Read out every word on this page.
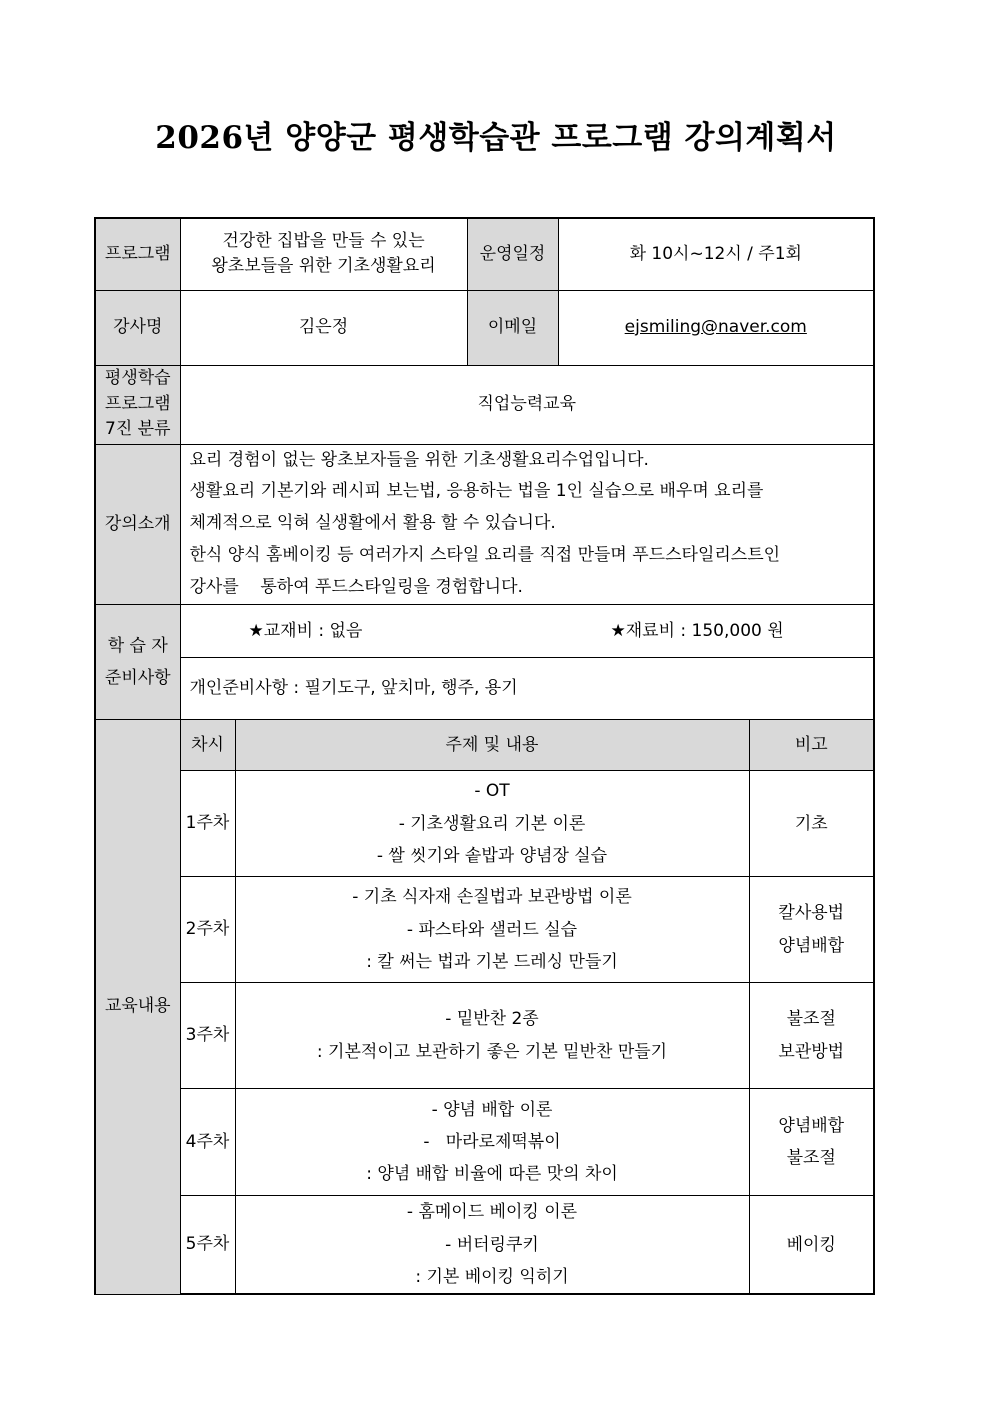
2026년 양양군 평생학습관 프로그램 강의계획서
프로그램	건강한 집밥을 만들 수 있는
왕초보들을 위한 기초생활요리		운영일정	화 10시~12시 / 주1회	
강사명	김은정		이메일	ejsmiling@naver.com	

평생학습
프로그램
7진 분류	직업능력교육				
강의소개	요리 경험이 없는 왕초보자들을 위한 기초생활요리수업입니다.
생활요리 기본기와 레시피 보는법, 응용하는 법을 1인 실습으로 배우며 요리를
체계적으로 익혀 실생활에서 활용 할 수 있습니다.
한식 양식 홈베이킹 등 여러가지 스타일 요리를 직접 만들며 푸드스타일리스트인
강사를    통하여 푸드스타일링을 경험합니다.				

학 습 자
준비사항	★교재비 : 없음 ★재료비 : 150,000 원				

	개인준비사항 : 필기도구, 앞치마, 행주, 용기				
교육내용	차시	주제 및 내용			비고
	1주차	- OT
- 기초생활요리 기본 이론
- 쌀 씻기와 솥밥과 양념장 실습			기초

	2주차	- 기초 식자재 손질법과 보관방법 이론
- 파스타와 샐러드 실습
: 칼 써는 법과 기본 드레싱 만들기			칼사용법
양념배합

	3주차	- 밑반찬 2종
: 기본적이고 보관하기 좋은 기본 밑반찬 만들기			불조절
보관방법

	4주차	- 양념 배합 이론
-   마라로제떡볶이
: 양념 배합 비율에 따른 맛의 차이			양념배합
불조절

	5주차	- 홈메이드 베이킹 이론
- 버터링쿠키
: 기본 베이킹 익히기			베이킹
